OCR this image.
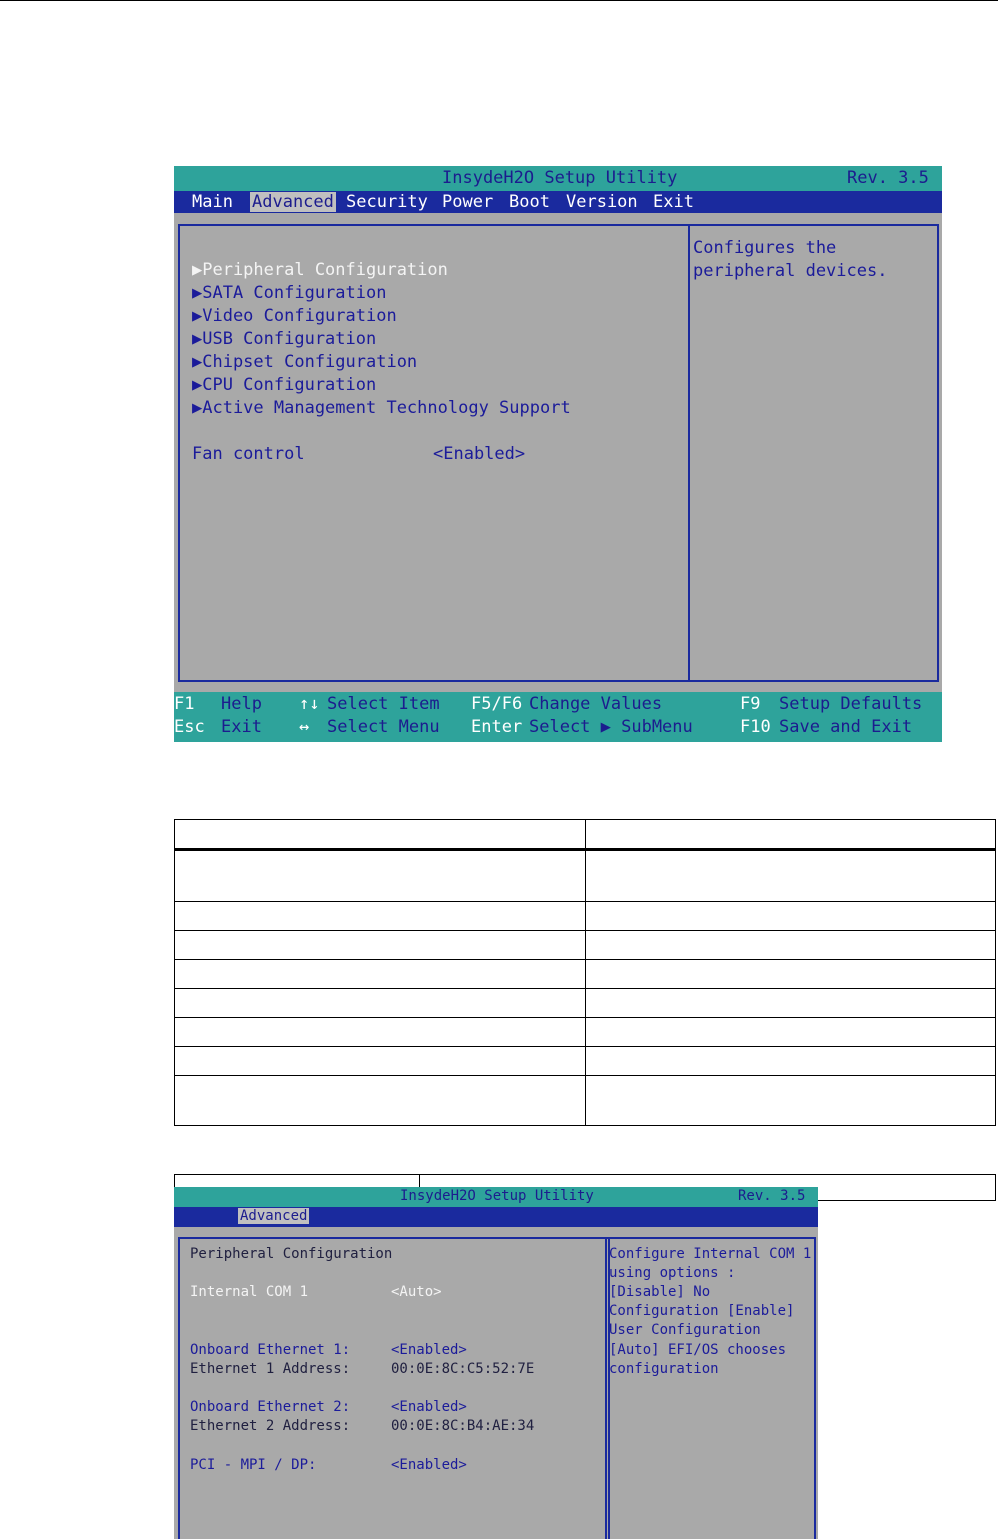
InsydeH2O Setup Utility	Rev. 3.5
Main Advanced Security Power Boot Version Exit
▶Peripheral Configuration
▶SATA Configuration
▶Video Configuration
▶USB Configuration
▶Chipset Configuration
▶CPU Configuration
▶Active Management Technology Support
Fan control	<Enabled>
Configures the
peripheral devices.
F1 Help ↑↓ Select Item F5/F6 Change Values	F9 Setup Defaults
Esc Exit ↔ Select Menu Enter Select ▶ SubMenu	F10 Save and Exit

InsydeH2O Setup Utility	Rev. 3.5
Advanced
Peripheral Configuration
Internal COM 1	<Auto>
Onboard Ethernet 1:	<Enabled>
Ethernet 1 Address:	00:0E:8C:C5:52:7E
Onboard Ethernet 2:	<Enabled>
Ethernet 2 Address:	00:0E:8C:B4:AE:34
PCI - MPI / DP:	<Enabled>
Configure Internal COM 1
using options :
[Disable] No
Configuration [Enable]
User Configuration
[Auto] EFI/OS chooses
configuration
